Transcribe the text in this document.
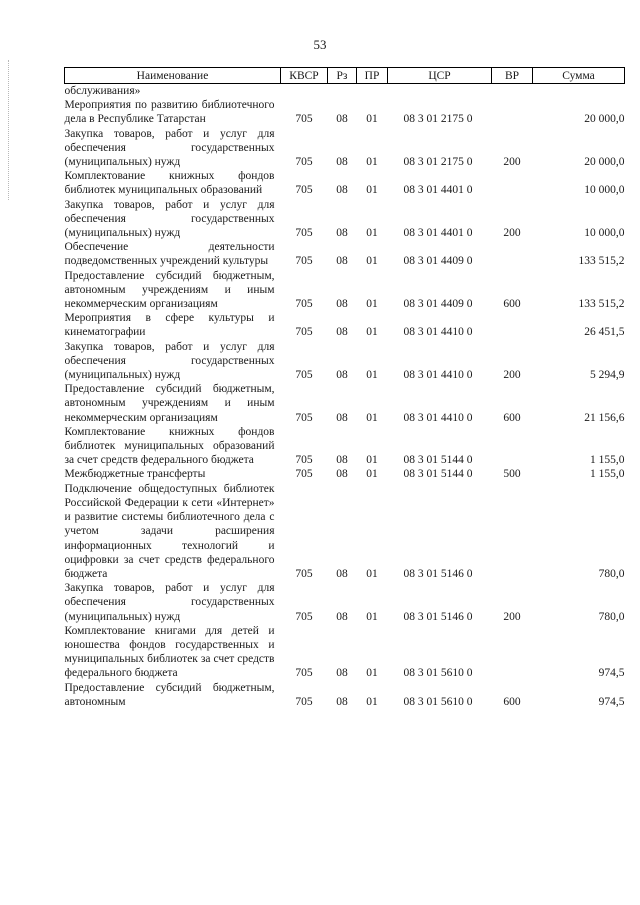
53
Наименование	КВСР	Рз	ПР	ЦСР	ВР	Сумма
обслуживания»						
Мероприятия по развитию библиотечного дела в Республике Татарстан	705	08	01	08 3 01 2175 0		20 000,0
Закупка товаров, работ и услуг для обеспечения государственных (муниципальных) нужд	705	08	01	08 3 01 2175 0	200	20 000,0
Комплектование книжных фондов библиотек муниципальных образований	705	08	01	08 3 01 4401 0		10 000,0
Закупка товаров, работ и услуг для обеспечения государственных (муниципальных) нужд	705	08	01	08 3 01 4401 0	200	10 000,0
Обеспечение деятельности подведомственных учреждений культуры	705	08	01	08 3 01 4409 0		133 515,2
Предоставление субсидий бюджетным, автономным учреждениям и иным некоммерческим организациям	705	08	01	08 3 01 4409 0	600	133 515,2
Мероприятия в сфере культуры и кинематографии	705	08	01	08 3 01 4410 0		26 451,5
Закупка товаров, работ и услуг для обеспечения государственных (муниципальных) нужд	705	08	01	08 3 01 4410 0	200	5 294,9
Предоставление субсидий бюджетным, автономным учреждениям и иным некоммерческим организациям	705	08	01	08 3 01 4410 0	600	21 156,6
Комплектование книжных фондов библиотек муниципальных образований за счет средств федерального бюджета	705	08	01	08 3 01 5144 0		1 155,0
Межбюджетные трансферты	705	08	01	08 3 01 5144 0	500	1 155,0
Подключение общедоступных библиотек Российской Федерации к сети «Интернет» и развитие системы библиотечного дела с учетом задачи расширения информационных технологий и оцифровки за счет средств федерального бюджета	705	08	01	08 3 01 5146 0		780,0
Закупка товаров, работ и услуг для обеспечения государственных (муниципальных) нужд	705	08	01	08 3 01 5146 0	200	780,0
Комплектование книгами для детей и юношества фондов государственных и муниципальных библиотек за счет средств федерального бюджета	705	08	01	08 3 01 5610 0		974,5
Предоставление субсидий бюджетным, автономным	705	08	01	08 3 01 5610 0	600	974,5
